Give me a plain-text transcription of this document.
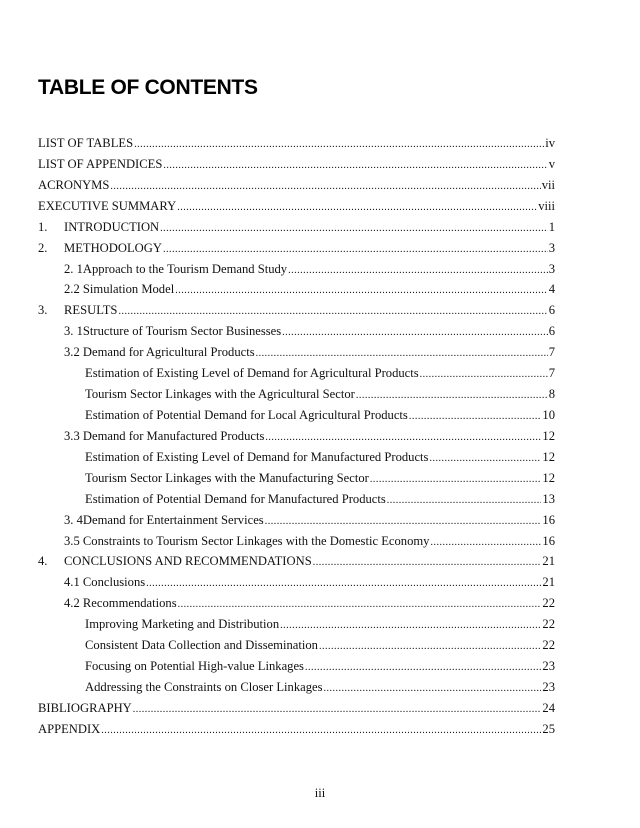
TABLE OF CONTENTS
LIST OF TABLES .....	iv
LIST OF APPENDICES .....	v
ACRONYMS .....	vii
EXECUTIVE SUMMARY .....	viii
1.	INTRODUCTION .....	1
2.	METHODOLOGY .....	3
2. 1Approach to the Tourism Demand Study .....	3
2.2 Simulation Model .....	4
3.	RESULTS .....	6
3. 1Structure of Tourism Sector Businesses .....	6
3.2 Demand for Agricultural Products .....	7
Estimation of Existing Level of Demand for Agricultural Products .....	7
Tourism Sector Linkages with the Agricultural Sector .....	8
Estimation of Potential Demand for Local Agricultural Products .....	10
3.3 Demand for Manufactured Products .....	12
Estimation of Existing Level of Demand for Manufactured Products .....	12
Tourism Sector Linkages with the Manufacturing Sector .....	12
Estimation of Potential Demand for Manufactured Products .....	13
3. 4Demand for Entertainment Services .....	16
3.5 Constraints to Tourism Sector Linkages with the Domestic Economy .....	16
4.	CONCLUSIONS AND RECOMMENDATIONS .....	21
4.1 Conclusions .....	21
4.2 Recommendations .....	22
Improving Marketing and Distribution .....	22
Consistent Data Collection and Dissemination .....	22
Focusing on Potential High-value Linkages .....	23
Addressing the Constraints on Closer Linkages .....	23
BIBLIOGRAPHY .....	24
APPENDIX .....	25
iii
